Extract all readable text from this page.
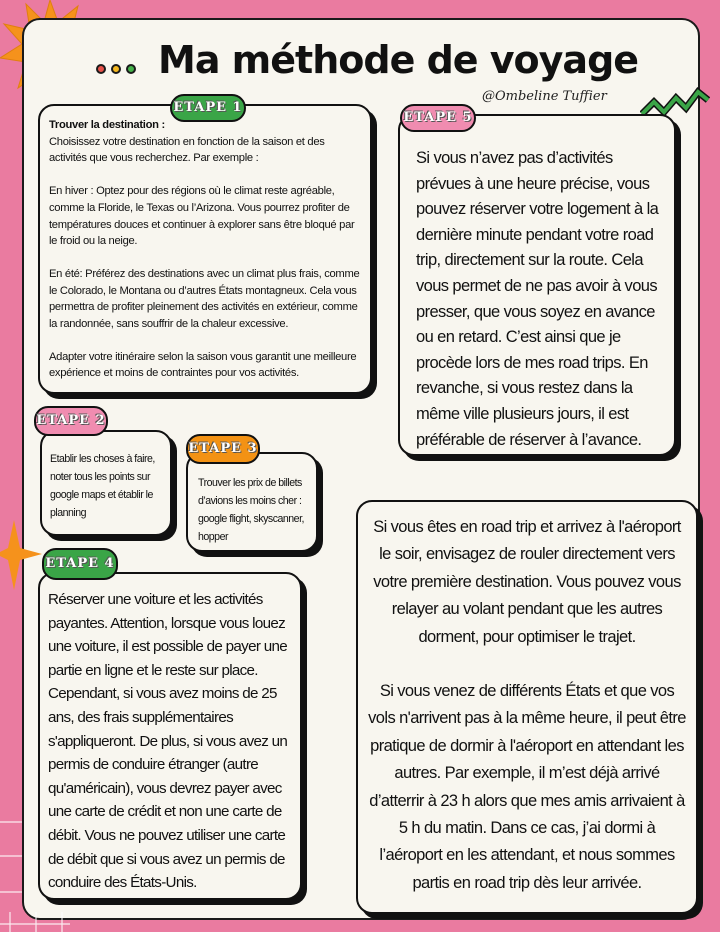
Ma méthode de voyage
@Ombeline Tuffier

Trouver la destination :

Choisissez votre destination en fonction de la saison et des activités que vous recherchez. Par exemple :

En hiver : Optez pour des régions où le climat reste agréable, comme la Floride, le Texas ou l’Arizona. Vous pourrez profiter de températures douces et continuer à explorer sans être bloqué par le froid ou la neige.

En été: Préférez des destinations avec un climat plus frais, comme le Colorado, le Montana ou d’autres États montagneux. Cela vous permettra de profiter pleinement des activités en extérieur, comme la randonnée, sans souffrir de la chaleur excessive.

Adapter votre itinéraire selon la saison vous garantit une meilleure expérience et moins de contraintes pour vos activités.

ETAPE 1

Si vous n’avez pas d’activités prévues à une heure précise, vous pouvez réserver votre logement à la dernière minute pendant votre road trip, directement sur la route. Cela vous permet de ne pas avoir à vous presser, que vous soyez en avance ou en retard. C’est ainsi que je procède lors de mes road trips. En revanche, si vous restez dans la même ville plusieurs jours, il est préférable de réserver à l’avance.

ETAPE 5

Etablir les choses à faire, noter tous les points sur google maps et établir le planning

ETAPE 2

Trouver les prix de billets d’avions les moins cher : google flight, skyscanner, hopper

ETAPE 3

Réserver une voiture et les activités payantes. Attention, lorsque vous louez une voiture, il est possible de payer une partie en ligne et le reste sur place. Cependant, si vous avez moins de 25 ans, des frais supplémentaires s'appliqueront. De plus, si vous avez un permis de conduire étranger (autre qu'américain), vous devrez payer avec une carte de crédit et non une carte de débit. Vous ne pouvez utiliser une carte de débit que si vous avez un permis de conduire des États-Unis.

ETAPE 4

Si vous êtes en road trip et arrivez à l'aéroport le soir, envisagez de rouler directement vers votre première destination. Vous pouvez vous relayer au volant pendant que les autres dorment, pour optimiser le trajet.

Si vous venez de différents États et que vos vols n'arrivent pas à la même heure, il peut être pratique de dormir à l'aéroport en attendant les autres. Par exemple, il m’est déjà arrivé d’atterrir à 23 h alors que mes amis arrivaient à 5 h du matin. Dans ce cas, j’ai dormi à l’aéroport en les attendant, et nous sommes partis en road trip dès leur arrivée.
